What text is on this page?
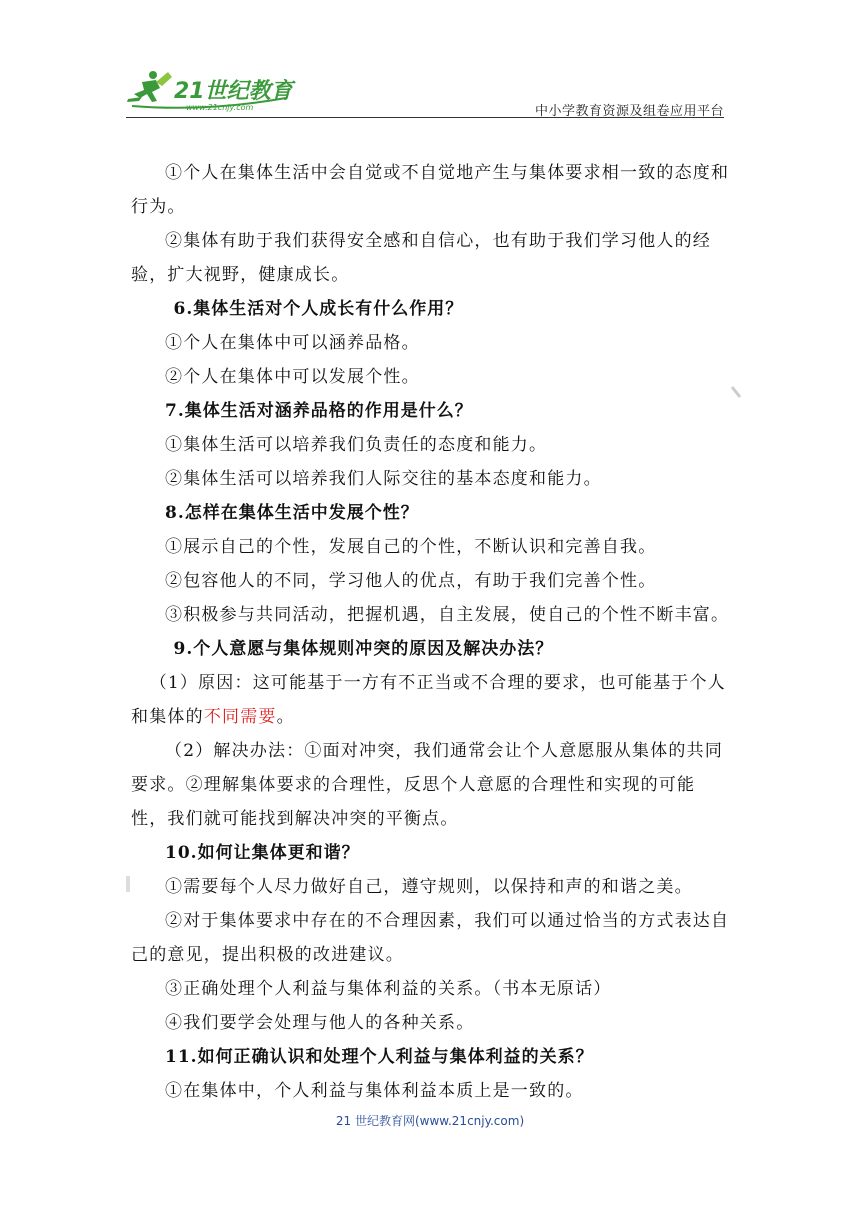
21世纪教育
www.21cnjy.com	中小学教育资源及组卷应用平台

①个人在集体生活中会自觉或不自觉地产生与集体要求相一致的态度和行为。

②集体有助于我们获得安全感和自信心，也有助于我们学习他人的经验，扩大视野，健康成长。

6.集体生活对个人成长有什么作用？

①个人在集体中可以涵养品格。

②个人在集体中可以发展个性。

7.集体生活对涵养品格的作用是什么？

①集体生活可以培养我们负责任的态度和能力。

②集体生活可以培养我们人际交往的基本态度和能力。

8.怎样在集体生活中发展个性？

①展示自己的个性，发展自己的个性，不断认识和完善自我。

②包容他人的不同，学习他人的优点，有助于我们完善个性。

③积极参与共同活动，把握机遇，自主发展，使自己的个性不断丰富。

9.个人意愿与集体规则冲突的原因及解决办法？

（1）原因：这可能基于一方有不正当或不合理的要求，也可能基于个人和集体的不同需要。

（2）解决办法：①面对冲突，我们通常会让个人意愿服从集体的共同要求。②理解集体要求的合理性，反思个人意愿的合理性和实现的可能性，我们就可能找到解决冲突的平衡点。

10.如何让集体更和谐？

①需要每个人尽力做好自己，遵守规则，以保持和声的和谐之美。

②对于集体要求中存在的不合理因素，我们可以通过恰当的方式表达自己的意见，提出积极的改进建议。

③正确处理个人利益与集体利益的关系。（书本无原话）

④我们要学会处理与他人的各种关系。

11.如何正确认识和处理个人利益与集体利益的关系？

①在集体中，个人利益与集体利益本质上是一致的。

21 世纪教育网(www.21cnjy.com)
